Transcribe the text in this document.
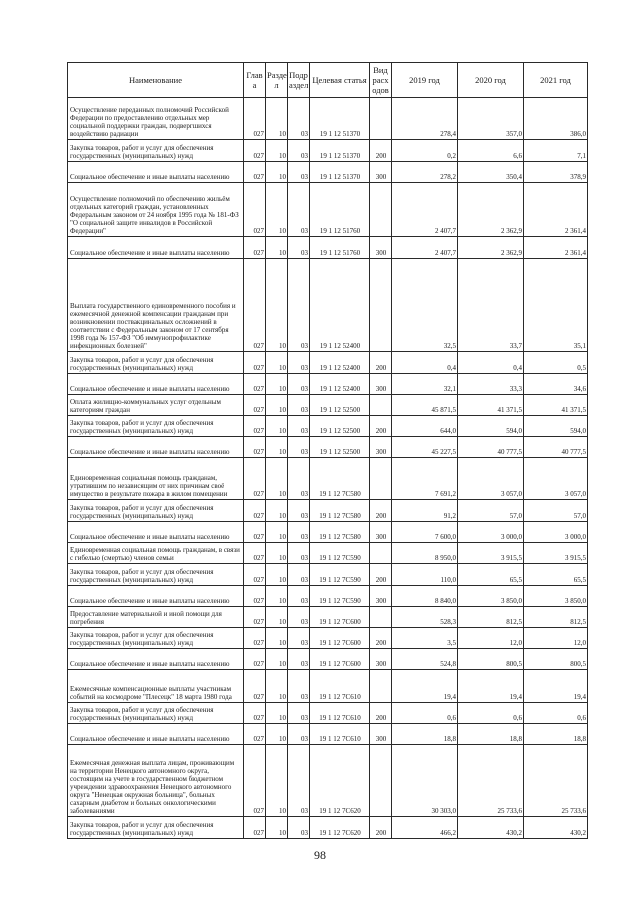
Наименование	Глав а	Разде л	Подр аздел	Целевая статья	Вид расх одов	2019 год	2020 год	2021 год
Осуществление переданных полномочий Российской Федерации по предоставлению отдельных мер социальной поддержки граждан, подвергшихся воздействию радиации	027	10	03	19 1 12 51370		278,4	357,0	386,0
Закупка товаров, работ и услуг для обеспечения государственных (муниципальных) нужд	027	10	03	19 1 12 51370	200	0,2	6,6	7,1
Социальное обеспечение и иные выплаты населению	027	10	03	19 1 12 51370	300	278,2	350,4	378,9
Осуществление полномочий по обеспечению жильём отдельных категорий граждан, установленных Федеральным законом от 24 ноября 1995 года № 181-ФЗ "О социальной защите инвалидов в Российской Федерации"	027	10	03	19 1 12 51760		2 407,7	2 362,9	2 361,4
Социальное обеспечение и иные выплаты населению	027	10	03	19 1 12 51760	300	2 407,7	2 362,9	2 361,4
Выплата государственного единовременного пособия и ежемесячной денежной компенсации гражданам при возникновении поствакцинальных осложнений в соответствии с Федеральным законом от 17 сентября 1998 года № 157-ФЗ "Об иммунопрофилактике инфекционных болезней"	027	10	03	19 1 12 52400		32,5	33,7	35,1
Закупка товаров, работ и услуг для обеспечения государственных (муниципальных) нужд	027	10	03	19 1 12 52400	200	0,4	0,4	0,5
Социальное обеспечение и иные выплаты населению	027	10	03	19 1 12 52400	300	32,1	33,3	34,6
Оплата жилищно-коммунальных услуг отдельным категориям граждан	027	10	03	19 1 12 52500		45 871,5	41 371,5	41 371,5
Закупка товаров, работ и услуг для обеспечения государственных (муниципальных) нужд	027	10	03	19 1 12 52500	200	644,0	594,0	594,0
Социальное обеспечение и иные выплаты населению	027	10	03	19 1 12 52500	300	45 227,5	40 777,5	40 777,5
Единовременная социальная помощь гражданам, утратившим по независящим от них причинам своё имущество в результате пожара в жилом помещении	027	10	03	19 1 12 7С580		7 691,2	3 057,0	3 057,0
Закупка товаров, работ и услуг для обеспечения государственных (муниципальных) нужд	027	10	03	19 1 12 7С580	200	91,2	57,0	57,0
Социальное обеспечение и иные выплаты населению	027	10	03	19 1 12 7С580	300	7 600,0	3 000,0	3 000,0
Единовременная социальная помощь гражданам, в связи с гибелью (смертью) членов семьи	027	10	03	19 1 12 7С590		8 950,0	3 915,5	3 915,5
Закупка товаров, работ и услуг для обеспечения государственных (муниципальных) нужд	027	10	03	19 1 12 7С590	200	110,0	65,5	65,5
Социальное обеспечение и иные выплаты населению	027	10	03	19 1 12 7С590	300	8 840,0	3 850,0	3 850,0
Предоставление материальной и иной помощи для погребения	027	10	03	19 1 12 7С600		528,3	812,5	812,5
Закупка товаров, работ и услуг для обеспечения государственных (муниципальных) нужд	027	10	03	19 1 12 7С600	200	3,5	12,0	12,0
Социальное обеспечение и иные выплаты населению	027	10	03	19 1 12 7С600	300	524,8	800,5	800,5
Ежемесячные компенсационные выплаты участникам событий на космодроме "Плесецк" 18 марта 1980 года	027	10	03	19 1 12 7С610		19,4	19,4	19,4
Закупка товаров, работ и услуг для обеспечения государственных (муниципальных) нужд	027	10	03	19 1 12 7С610	200	0,6	0,6	0,6
Социальное обеспечение и иные выплаты населению	027	10	03	19 1 12 7С610	300	18,8	18,8	18,8
Ежемесячная денежная выплата лицам, проживающим на территории Ненецкого автономного округа, состоящим на учете в государственном бюджетном учреждении здравоохранения Ненецкого автономного округа "Ненецкая окружная больница", больных сахарным диабетом и больных онкологическими заболеваниями	027	10	03	19 1 12 7С620		30 303,0	25 733,6	25 733,6
Закупка товаров, работ и услуг для обеспечения государственных (муниципальных) нужд	027	10	03	19 1 12 7С620	200	466,2	430,2	430,2
98
